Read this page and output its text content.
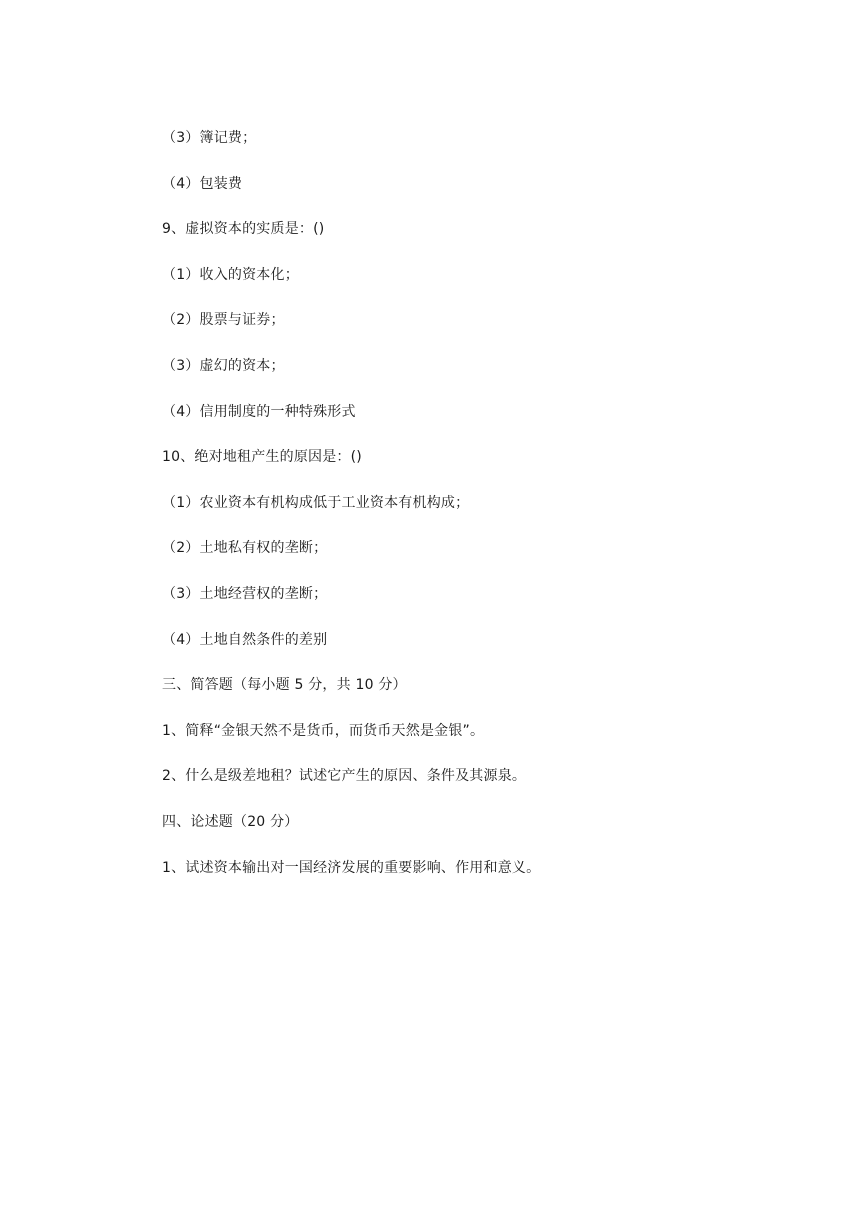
（3）簿记费；
（4）包装费
9、虚拟资本的实质是：()
（1）收入的资本化；
（2）股票与证券；
（3）虚幻的资本；
（4）信用制度的一种特殊形式
10、绝对地租产生的原因是：()
（1）农业资本有机构成低于工业资本有机构成；
（2）土地私有权的垄断；
（3）土地经营权的垄断；
（4）土地自然条件的差别
三、简答题（每小题 5 分，共 10 分）
1、简释“金银天然不是货币，而货币天然是金银”。
2、什么是级差地租？试述它产生的原因、条件及其源泉。
四、论述题（20 分）
1、试述资本输出对一国经济发展的重要影响、作用和意义。
